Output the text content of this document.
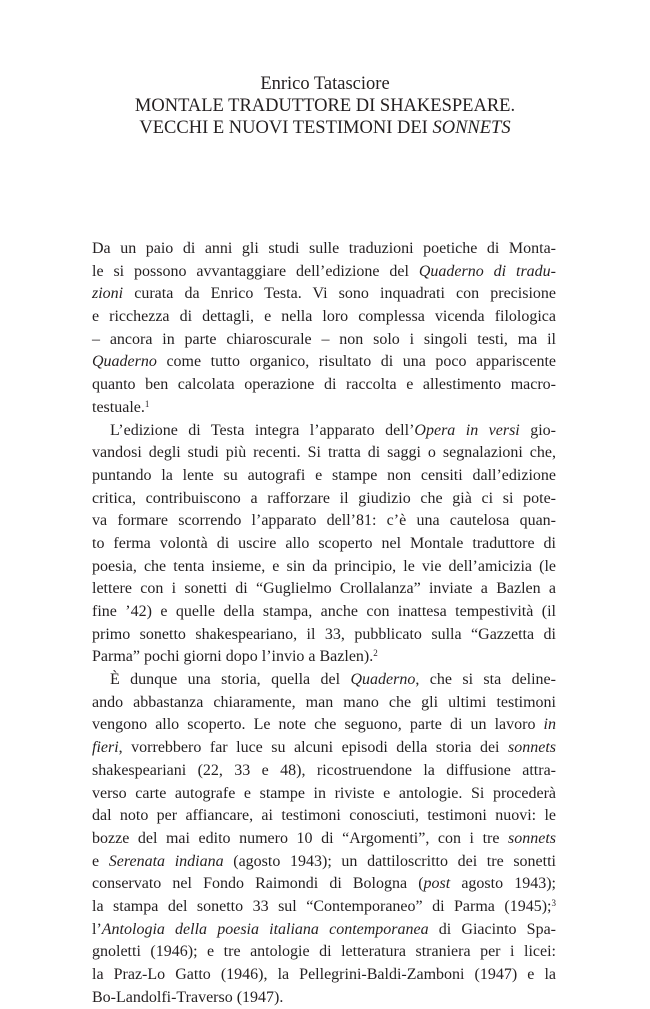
Enrico Tatasciore
MONTALE TRADUTTORE DI SHAKESPEARE.
VECCHI E NUOVI TESTIMONI DEI SONNETS
Da un paio di anni gli studi sulle traduzioni poetiche di Monta-
le si possono avvantaggiare dell’edizione del Quaderno di tradu-
zioni curata da Enrico Testa. Vi sono inquadrati con precisione
e ricchezza di dettagli, e nella loro complessa vicenda filologica
– ancora in parte chiaroscurale – non solo i singoli testi, ma il
Quaderno come tutto organico, risultato di una poco appariscente
quanto ben calcolata operazione di raccolta e allestimento macro-
testuale.$^1$
L’edizione di Testa integra l’apparato dell’Opera in versi gio-
vandosi degli studi più recenti. Si tratta di saggi o segnalazioni che,
puntando la lente su autografi e stampe non censiti dall’edizione
critica, contribuiscono a rafforzare il giudizio che già ci si pote-
va formare scorrendo l’apparato dell’81: c’è una cautelosa quan-
to ferma volontà di uscire allo scoperto nel Montale traduttore di
poesia, che tenta insieme, e sin da principio, le vie dell’amicizia (le
lettere con i sonetti di “Guglielmo Crollalanza” inviate a Bazlen a
fine ’42) e quelle della stampa, anche con inattesa tempestività (il
primo sonetto shakespeariano, il 33, pubblicato sulla “Gazzetta di
Parma” pochi giorni dopo l’invio a Bazlen).$^2$
È dunque una storia, quella del Quaderno, che si sta deline-
ando abbastanza chiaramente, man mano che gli ultimi testimoni
vengono allo scoperto. Le note che seguono, parte di un lavoro in
fieri, vorrebbero far luce su alcuni episodi della storia dei sonnets
shakespeariani (22, 33 e 48), ricostruendone la diffusione attra-
verso carte autografe e stampe in riviste e antologie. Si procederà
dal noto per affiancare, ai testimoni conosciuti, testimoni nuovi: le
bozze del mai edito numero 10 di “Argomenti”, con i tre sonnets
e Serenata indiana (agosto 1943); un dattiloscritto dei tre sonetti
conservato nel Fondo Raimondi di Bologna (post agosto 1943);
la stampa del sonetto 33 sul “Contemporaneo” di Parma (1945);$^3$
l’Antologia della poesia italiana contemporanea di Giacinto Spa-
gnoletti (1946); e tre antologie di letteratura straniera per i licei:
la Praz-Lo Gatto (1946), la Pellegrini-Baldi-Zamboni (1947) e la
Bo-Landolfi-Traverso (1947).
